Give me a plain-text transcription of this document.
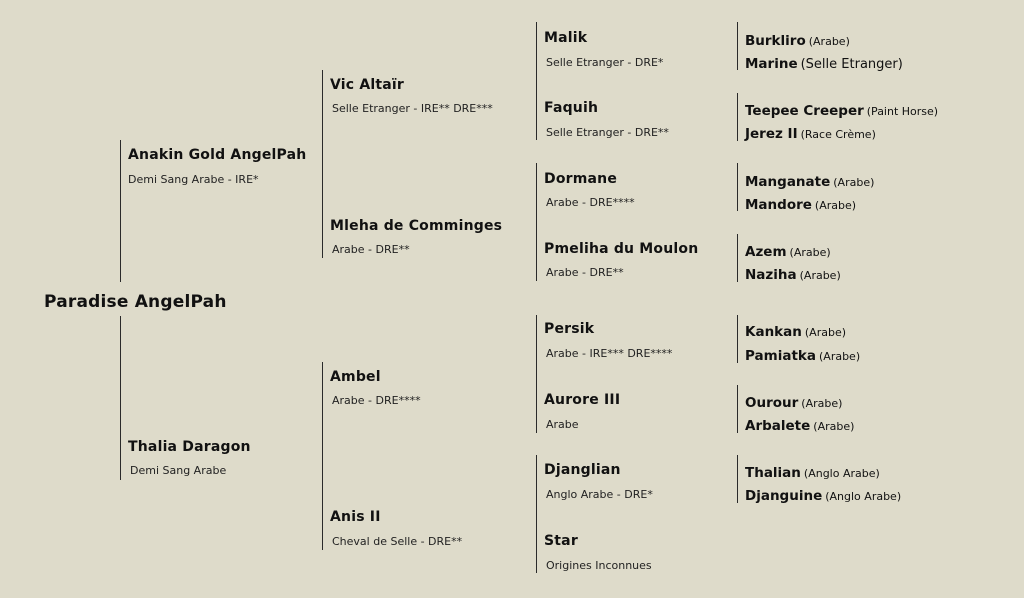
Paradise AngelPah
Anakin Gold AngelPah
Demi Sang Arabe - IRE*
Thalia Daragon
Demi Sang Arabe
Vic Altaïr
Selle Etranger - IRE** DRE***
Mleha de Comminges
Arabe - DRE**
Ambel
Arabe - DRE****
Anis II
Cheval de Selle - DRE**
Malik
Selle Etranger - DRE*
Faquih
Selle Etranger - DRE**
Dormane
Arabe - DRE****
Pmeliha du Moulon
Arabe - DRE**
Persik
Arabe - IRE*** DRE****
Aurore III
Arabe
Djanglian
Anglo Arabe - DRE*
Star
Origines Inconnues
Burkliro (Arabe)
Marine (Selle Etranger)
Teepee Creeper (Paint Horse)
Jerez II (Race Crème)
Manganate (Arabe)
Mandore (Arabe)
Azem (Arabe)
Naziha (Arabe)
Kankan (Arabe)
Pamiatka (Arabe)
Ourour (Arabe)
Arbalete (Arabe)
Thalian (Anglo Arabe)
Djanguine (Anglo Arabe)
